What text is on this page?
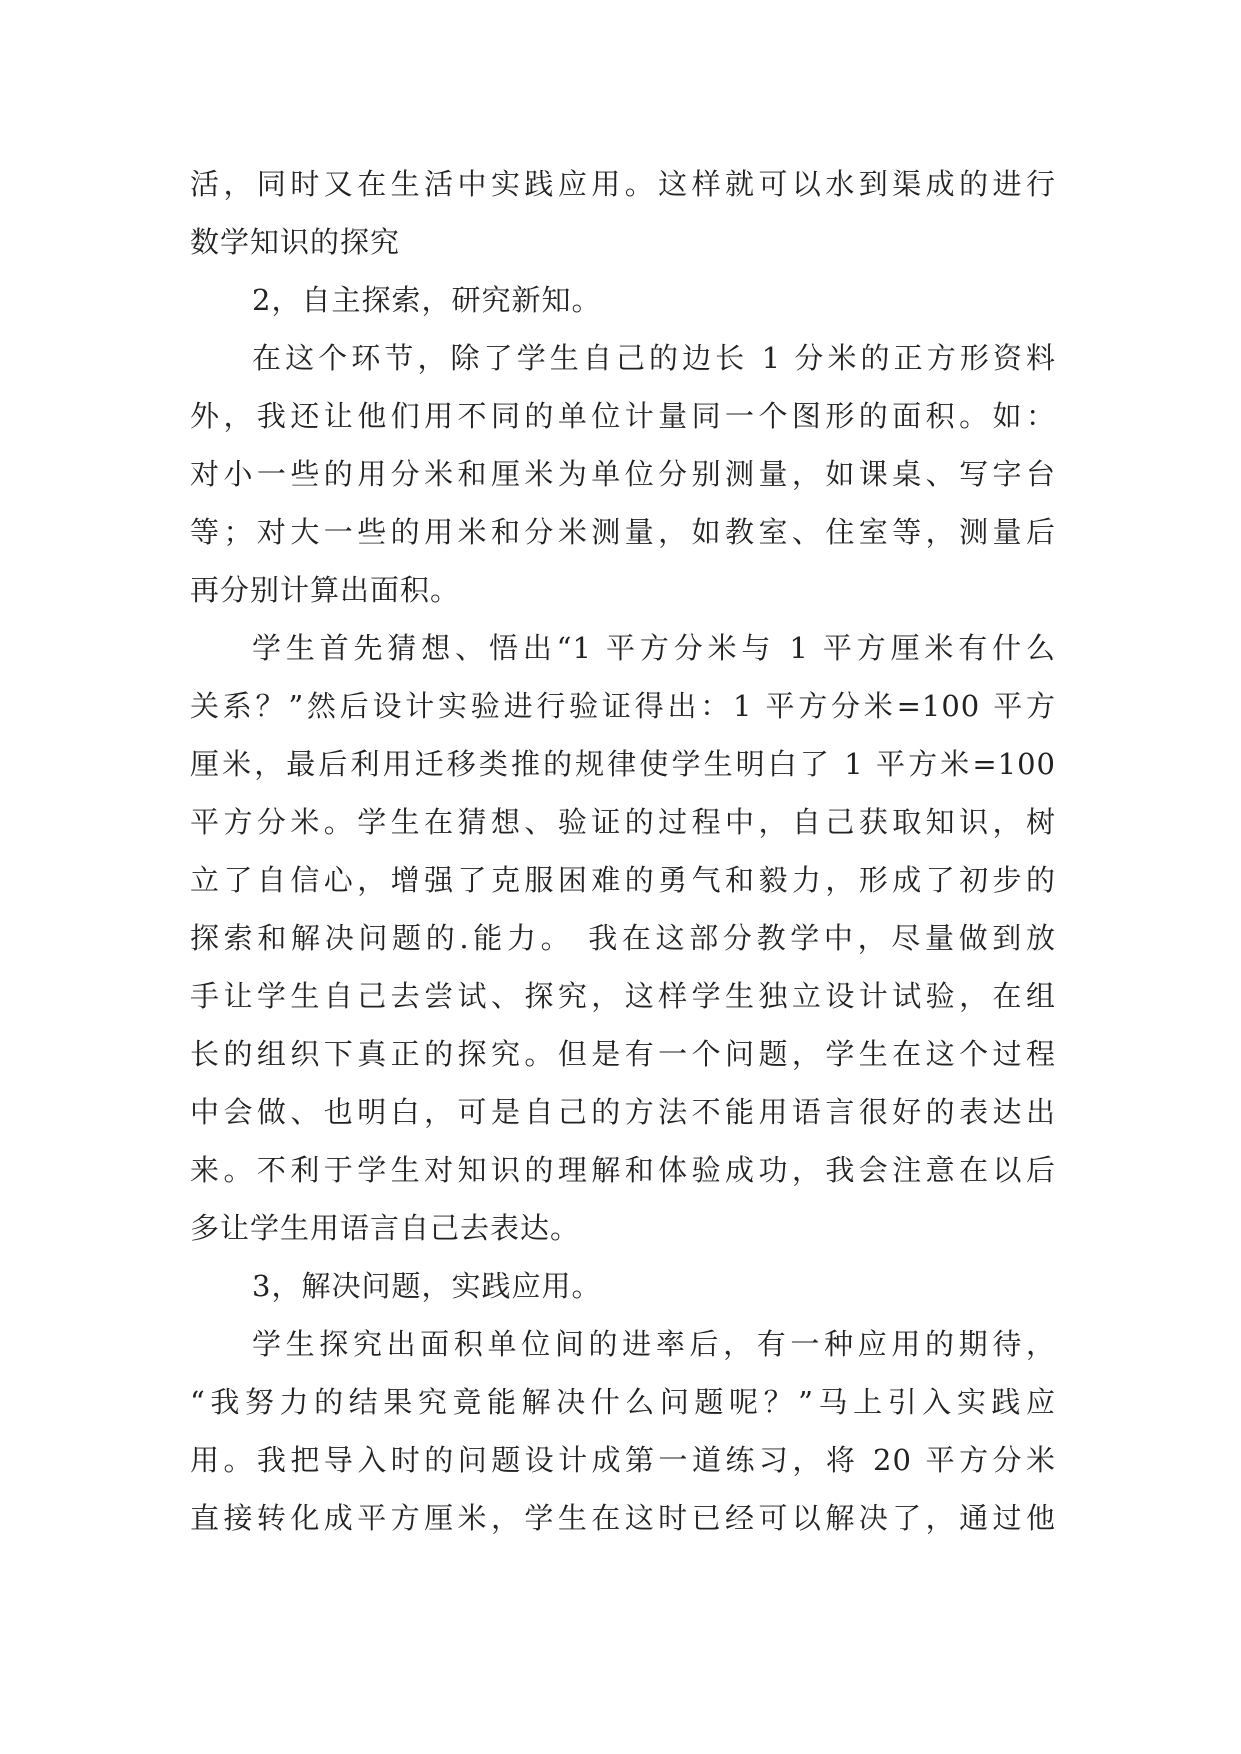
活，同时又在生活中实践应用。这样就可以水到渠成的进行
数学知识的探究
2，自主探索，研究新知。
在这个环节，除了学生自己的边长 1 分米的正方形资料
外，我还让他们用不同的单位计量同一个图形的面积。如：
对小一些的用分米和厘米为单位分别测量，如课桌、写字台
等；对大一些的用米和分米测量，如教室、住室等，测量后
再分别计算出面积。
学生首先猜想、悟出“1 平方分米与 1 平方厘米有什么
关系？”然后设计实验进行验证得出：1 平方分米=100 平方
厘米，最后利用迁移类推的规律使学生明白了 1 平方米=100
平方分米。学生在猜想、验证的过程中，自己获取知识，树
立了自信心，增强了克服困难的勇气和毅力，形成了初步的
探索和解决问题的.能力。 我在这部分教学中，尽量做到放
手让学生自己去尝试、探究，这样学生独立设计试验，在组
长的组织下真正的探究。但是有一个问题，学生在这个过程
中会做、也明白，可是自己的方法不能用语言很好的表达出
来。不利于学生对知识的理解和体验成功，我会注意在以后
多让学生用语言自己去表达。
3，解决问题，实践应用。
学生探究出面积单位间的进率后，有一种应用的期待，
“我努力的结果究竟能解决什么问题呢？”马上引入实践应
用。我把导入时的问题设计成第一道练习，将 20 平方分米
直接转化成平方厘米，学生在这时已经可以解决了，通过他
